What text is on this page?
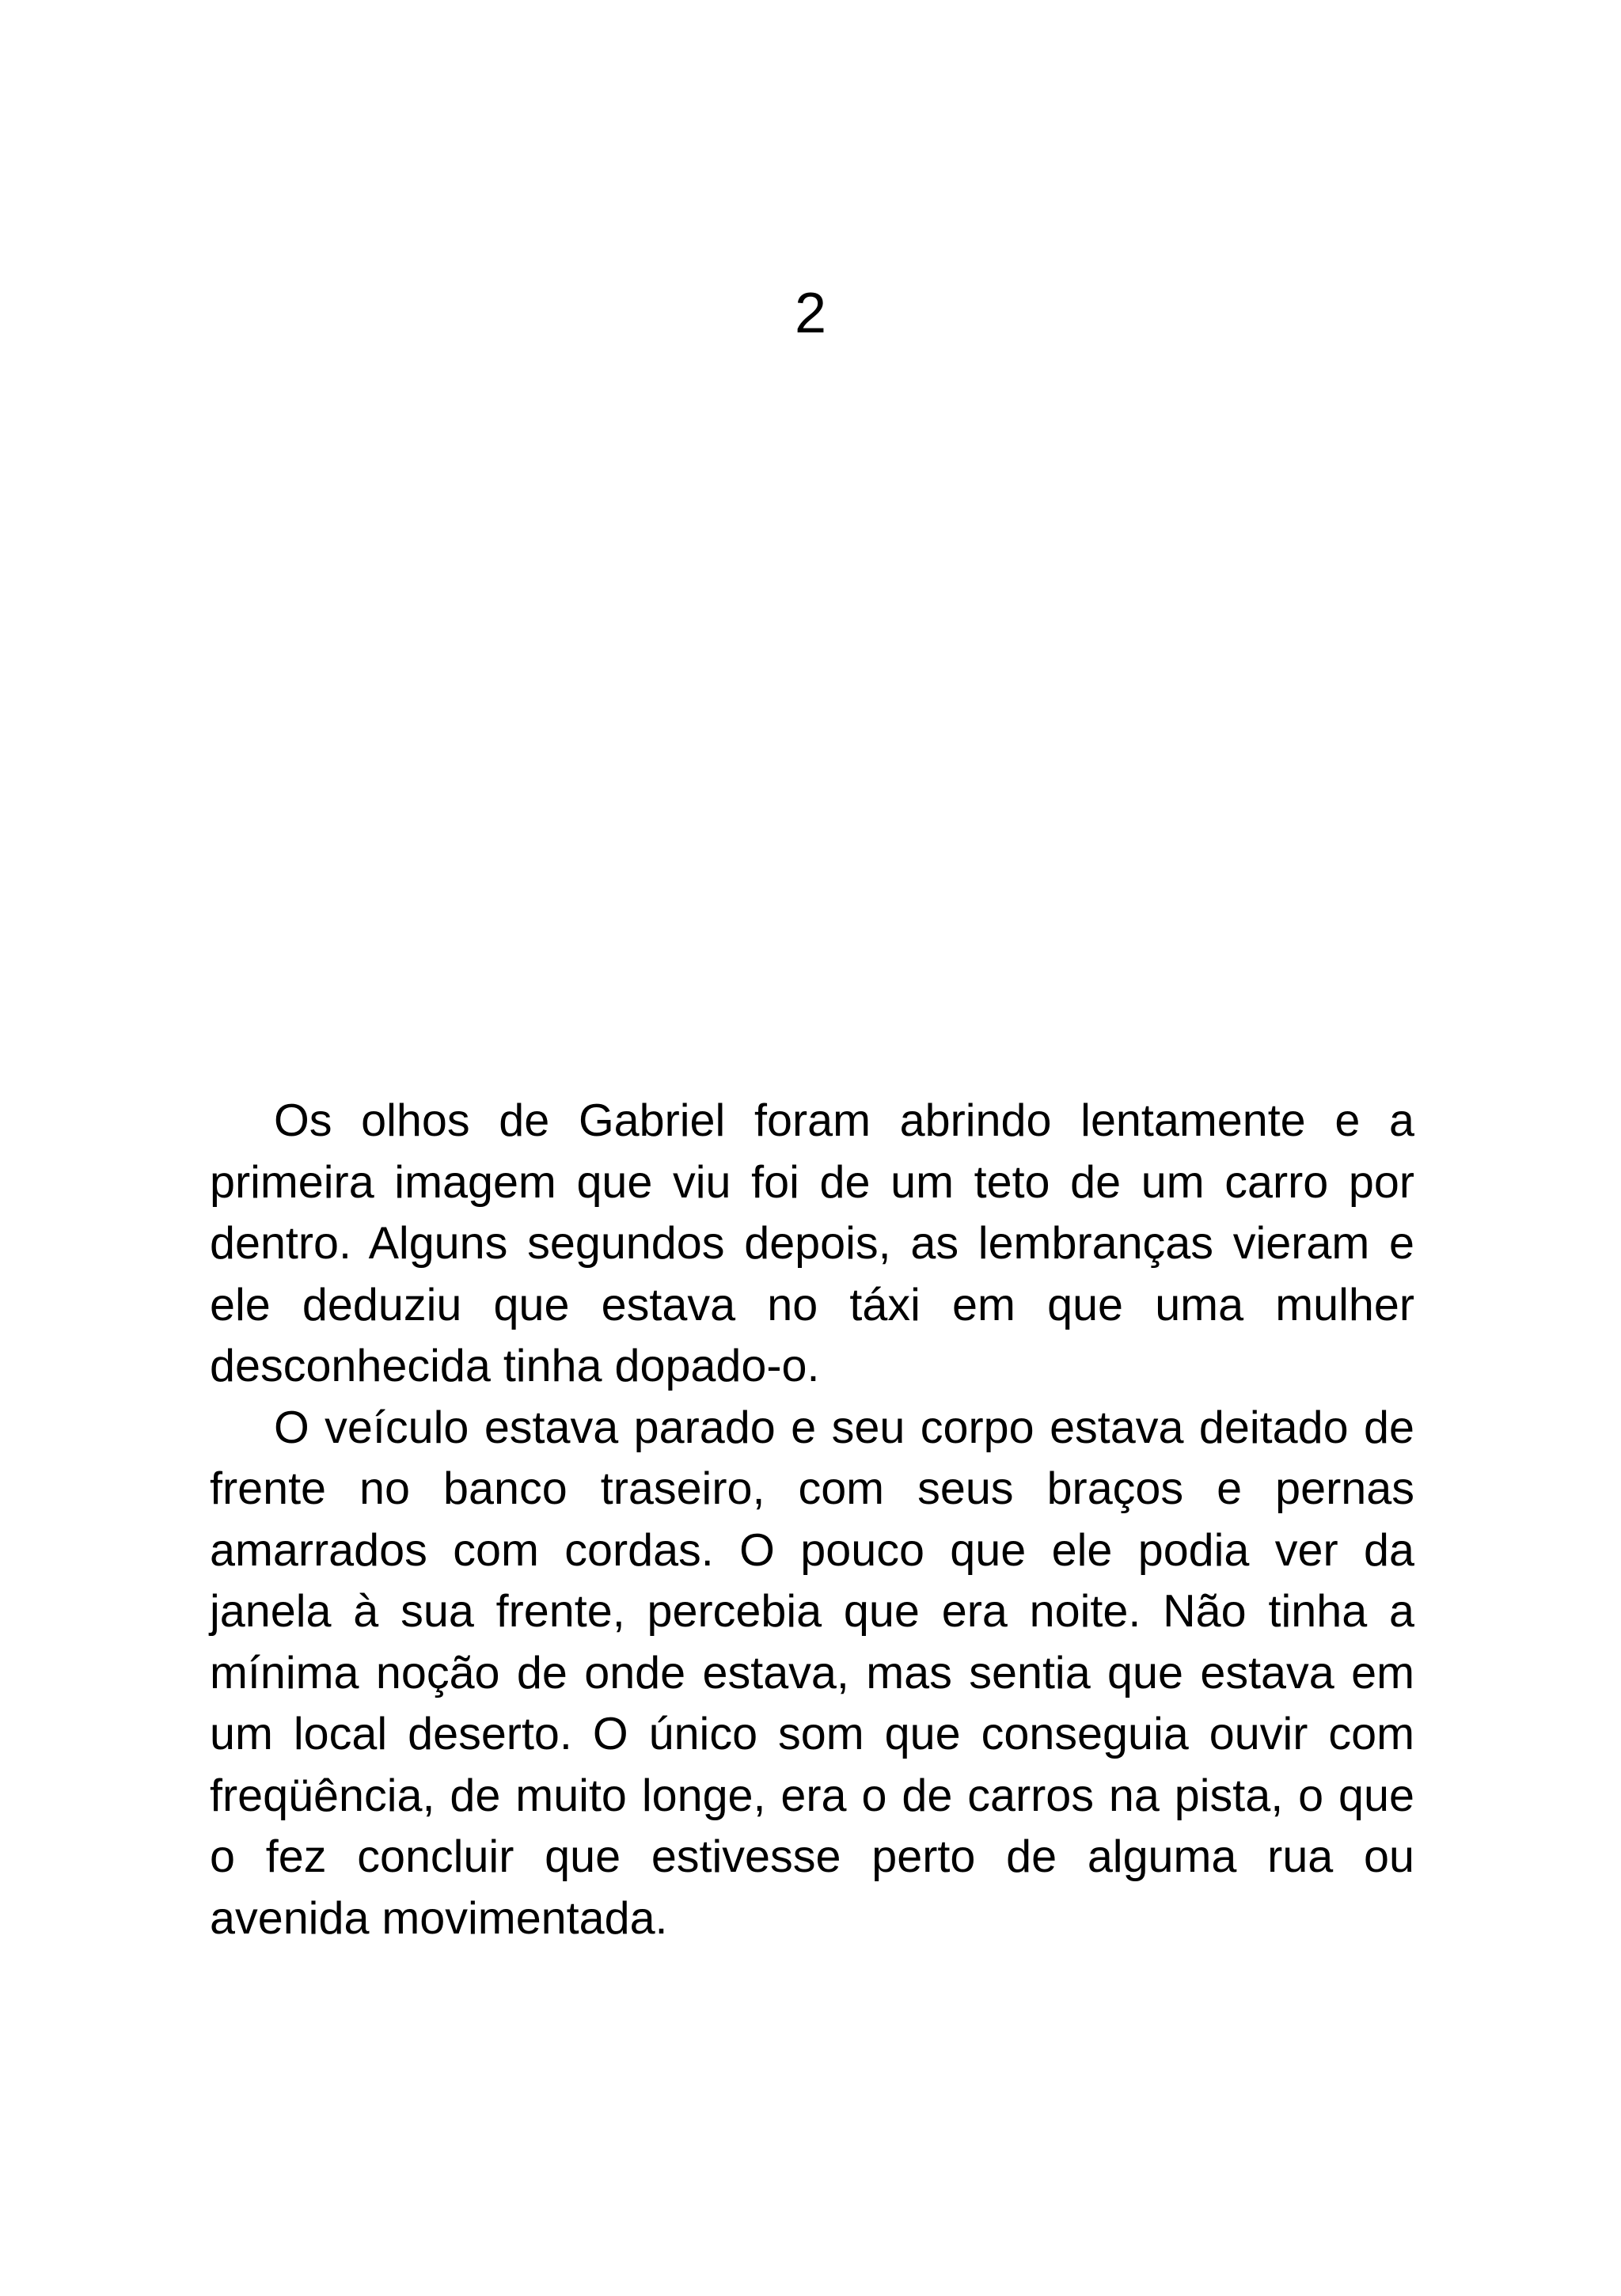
2

Os olhos de Gabriel foram abrindo lentamente e a primeira imagem que viu foi de um teto de um carro por dentro. Alguns segundos depois, as lembranças vieram e ele deduziu que estava no táxi em que uma mulher desconhecida tinha dopado-o.

O veículo estava parado e seu corpo estava deitado de frente no banco traseiro, com seus braços e pernas amarrados com cordas. O pouco que ele podia ver da janela à sua frente, percebia que era noite. Não tinha a mínima noção de onde estava, mas sentia que estava em um local deserto. O único som que conseguia ouvir com freqüência, de muito longe, era o de carros na pista, o que o fez concluir que estivesse perto de alguma rua ou avenida movimentada.
